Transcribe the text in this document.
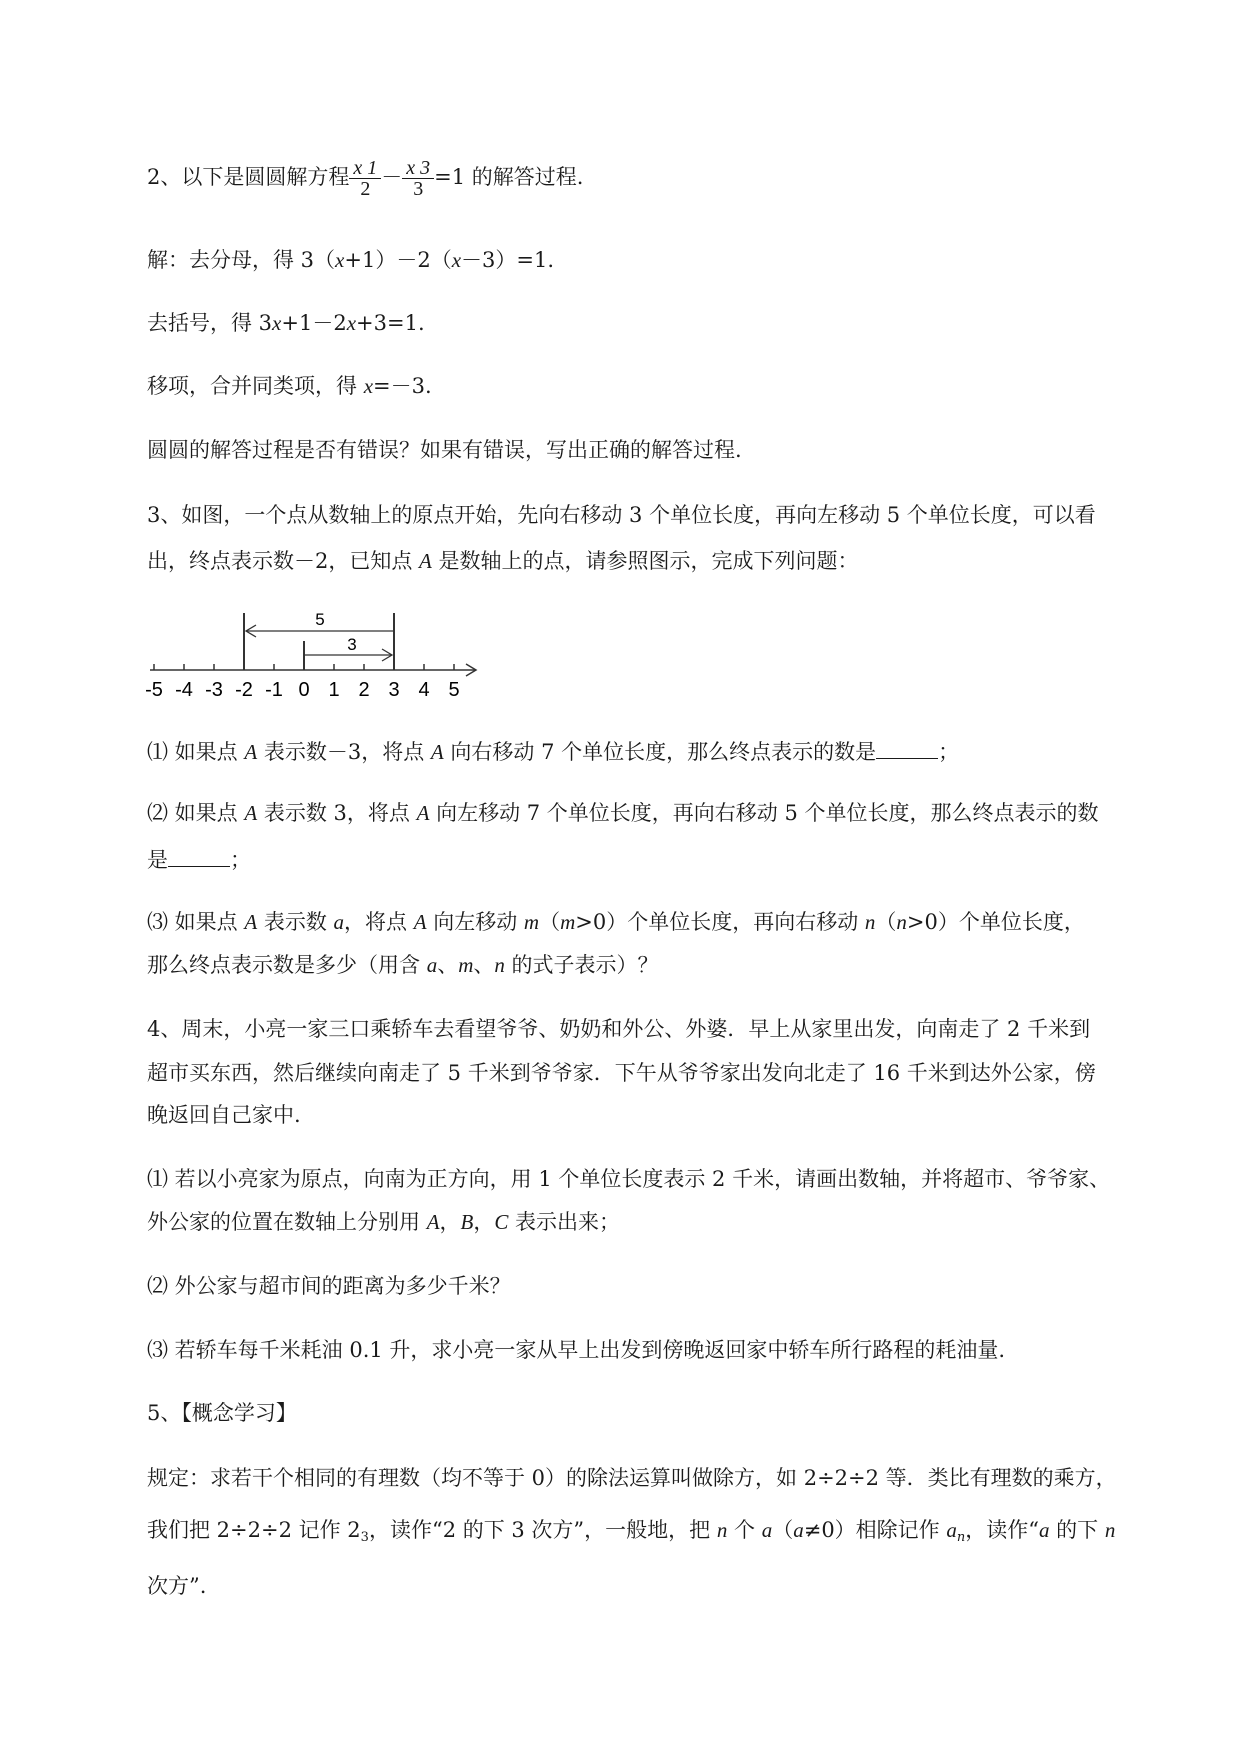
2、以下是圆圆解方程 $\frac{x 1}{2} - \frac{x 3}{3} =1$ 的解答过程.
解：去分母，得 3（x+1）－2（x－3）=1.
去括号，得 3x+1－2x+3=1.
移项，合并同类项，得 x=－3.
圆圆的解答过程是否有错误？如果有错误，写出正确的解答过程.
3、如图，一个点从数轴上的原点开始，先向右移动 3 个单位长度，再向左移动 5 个单位长度，可以看
出，终点表示数－2，已知点 A 是数轴上的点，请参照图示，完成下列问题：
-5 -4 -3 -2 -1 0 1 2 3 4 5
5
3
⑴ 如果点 A 表示数－3，将点 A 向右移动 7 个单位长度，那么终点表示的数是	；
⑵ 如果点 A 表示数 3，将点 A 向左移动 7 个单位长度，再向右移动 5 个单位长度，那么终点表示的数
是	；
⑶ 如果点 A 表示数 a，将点 A 向左移动 m（m>0）个单位长度，再向右移动 n（n>0）个单位长度，
那么终点表示数是多少（用含 a、m、n 的式子表示）？
4、周末，小亮一家三口乘轿车去看望爷爷、奶奶和外公、外婆．早上从家里出发，向南走了 2 千米到
超市买东西，然后继续向南走了 5 千米到爷爷家．下午从爷爷家出发向北走了 16 千米到达外公家，傍
晚返回自己家中.
⑴ 若以小亮家为原点，向南为正方向，用 1 个单位长度表示 2 千米，请画出数轴，并将超市、爷爷家、
外公家的位置在数轴上分别用 A，B，C 表示出来；
⑵ 外公家与超市间的距离为多少千米？
⑶ 若轿车每千米耗油 0.1 升，求小亮一家从早上出发到傍晚返回家中轿车所行路程的耗油量.
5、【概念学习】
规定：求若干个相同的有理数（均不等于 0）的除法运算叫做除方，如 2÷2÷2 等．类比有理数的乘方，
我们把 2÷2÷2 记作 $2_3$，读作“2 的下 3 次方”，一般地，把 n 个 a（a≠0）相除记作 $a_n$，读作“a 的下 n
次方”.
